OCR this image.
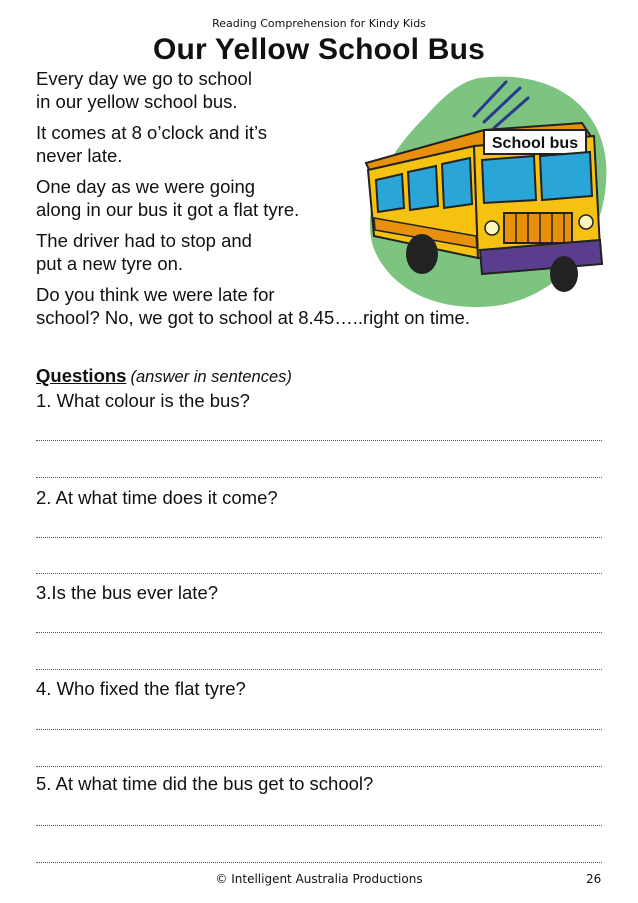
Reading Comprehension for Kindy Kids
Our Yellow School Bus

Every day we go to school
in our yellow school bus.

It comes at 8 o’clock and it’s
never late.

One day as we were going
along in our bus it got a flat tyre.

The driver had to stop and
put a new tyre on.

Do you think we were late for
school? No, we got to school at 8.45…..right on time.

School bus
Questions (answer in sentences)
1. What colour is the bus?
2. At what time does it come?
3.Is the bus ever late?
4. Who fixed the flat tyre?
5. At what time did the bus get to school?
© Intelligent Australia Productions	26
